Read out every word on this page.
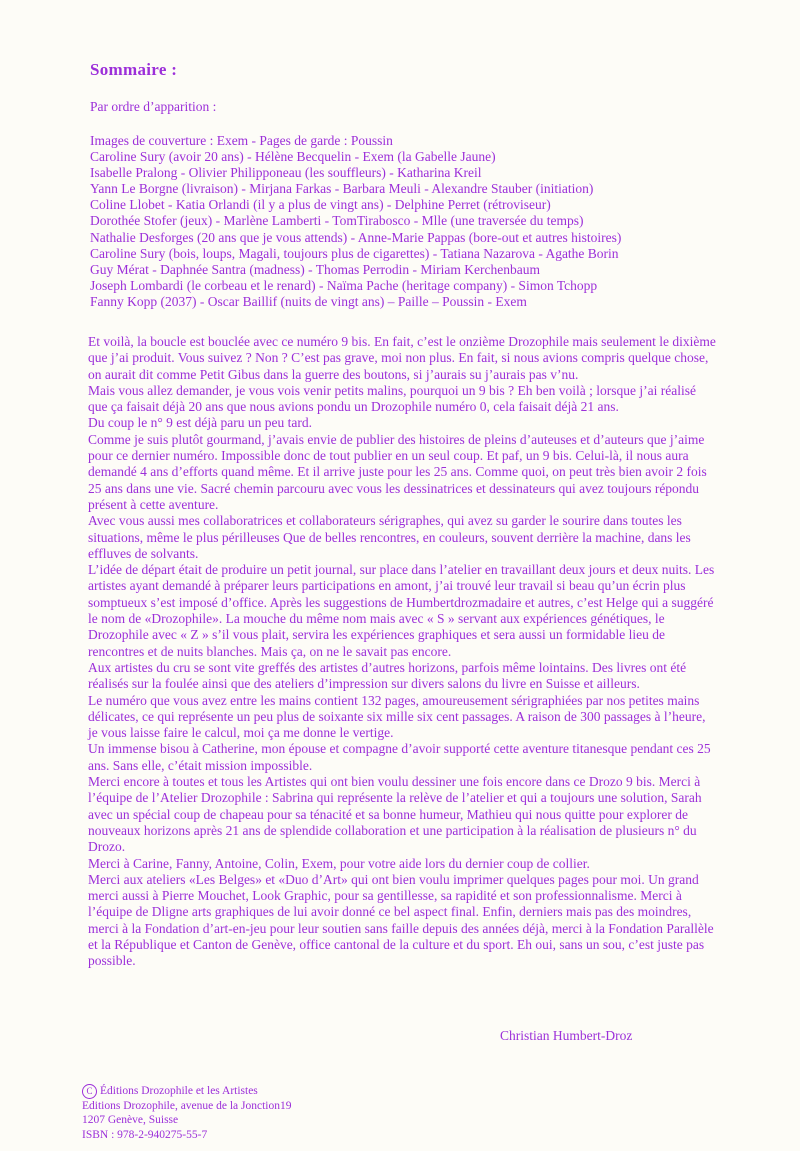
Sommaire :
Par ordre d’apparition :
Images de couverture : Exem - Pages de garde : Poussin
Caroline Sury (avoir 20 ans) - Hélène Becquelin - Exem (la Gabelle Jaune)
Isabelle Pralong - Olivier Philipponeau (les souffleurs) - Katharina Kreil
Yann Le Borgne (livraison) - Mirjana Farkas - Barbara Meuli - Alexandre Stauber (initiation)
Coline Llobet - Katia Orlandi (il y a plus de vingt ans) - Delphine Perret (rétroviseur)
Dorothée Stofer (jeux) - Marlène Lamberti - TomTirabosco - Mlle (une traversée du temps)
Nathalie Desforges (20 ans que je vous attends) - Anne-Marie Pappas (bore-out et autres histoires)
Caroline Sury (bois, loups, Magali, toujours plus de cigarettes) - Tatiana Nazarova - Agathe Borin
Guy Mérat - Daphnée Santra (madness) - Thomas Perrodin - Miriam Kerchenbaum
Joseph Lombardi (le corbeau et le renard) - Naïma Pache (heritage company) - Simon Tchopp
Fanny Kopp (2037) - Oscar Baillif (nuits de vingt ans) – Paille – Poussin - Exem

Et voilà, la boucle est bouclée avec ce numéro 9 bis. En fait, c’est le onzième Drozophile mais seulement le dixième que j’ai produit. Vous suivez ? Non ? C’est pas grave, moi non plus. En fait, si nous avions compris quelque chose, on aurait dit comme Petit Gibus dans la guerre des boutons, si j’aurais su j’aurais pas v’nu.

Mais vous allez demander, je vous vois venir petits malins, pourquoi un 9 bis ? Eh ben voilà ; lorsque j’ai réalisé que ça faisait déjà 20 ans que nous avions pondu un Drozophile numéro 0, cela faisait déjà 21 ans.

Du coup le n° 9 est déjà paru un peu tard.

Comme je suis plutôt gourmand, j’avais envie de publier des histoires de pleins d’auteuses et d’auteurs que j’aime pour ce dernier numéro. Impossible donc de tout publier en un seul coup. Et paf, un 9 bis. Celui-là, il nous aura demandé 4 ans d’efforts quand même. Et il arrive juste pour les 25 ans. Comme quoi, on peut très bien avoir 2 fois 25 ans dans une vie. Sacré chemin parcouru avec vous les dessinatrices et dessinateurs qui avez toujours répondu présent à cette aventure.

Avec vous aussi mes collaboratrices et collaborateurs sérigraphes, qui avez su garder le sourire dans toutes les situations, même le plus périlleuses Que de belles rencontres, en couleurs, souvent derrière la machine, dans les effluves de solvants.

L’idée de départ était de produire un petit journal, sur place dans l’atelier en travaillant deux jours et deux nuits. Les artistes ayant demandé à préparer leurs participations en amont, j’ai trouvé leur travail si beau qu’un écrin plus somptueux s’est imposé d’office. Après les suggestions de Humbertdrozmadaire et autres, c’est Helge qui a suggéré le nom de «Drozophile». La mouche du même nom mais avec « S » servant aux expériences génétiques, le Drozophile avec « Z » s’il vous plait, servira les expériences graphiques et sera aussi un formidable lieu de rencontres et de nuits blanches. Mais ça, on ne le savait pas encore.

Aux artistes du cru se sont vite greffés des artistes d’autres horizons, parfois même lointains. Des livres ont été réalisés sur la foulée ainsi que des ateliers d’impression sur divers salons du livre en Suisse et ailleurs.

Le numéro que vous avez entre les mains contient 132 pages, amoureusement sérigraphiées par nos petites mains délicates, ce qui représente un peu plus de soixante six mille six cent passages. A raison de 300 passages à l’heure, je vous laisse faire le calcul, moi ça me donne le vertige.

Un immense bisou à Catherine, mon épouse et compagne d’avoir supporté cette aventure titanesque pendant ces 25 ans. Sans elle, c’était mission impossible.

Merci encore à toutes et tous les Artistes qui ont bien voulu dessiner une fois encore dans ce Drozo 9 bis. Merci à l’équipe de l’Atelier Drozophile : Sabrina qui représente la relève de l’atelier et qui a toujours une solution, Sarah avec un spécial coup de chapeau pour sa ténacité et sa bonne humeur, Mathieu qui nous quitte pour explorer de nouveaux horizons après 21 ans de splendide collaboration et une participation à la réalisation de plusieurs n° du Drozo.

Merci à Carine, Fanny, Antoine, Colin, Exem, pour votre aide lors du dernier coup de collier.

Merci aux ateliers «Les Belges» et «Duo d’Art» qui ont bien voulu imprimer quelques pages pour moi. Un grand merci aussi à Pierre Mouchet, Look Graphic, pour sa gentillesse, sa rapidité et son professionnalisme. Merci à l’équipe de Dligne arts graphiques de lui avoir donné ce bel aspect final. Enfin, derniers mais pas des moindres, merci à la Fondation d’art-en-jeu pour leur soutien sans faille depuis des années déjà, merci à la Fondation Parallèle et la République et Canton de Genève, office cantonal de la culture et du sport. Eh oui, sans un sou, c’est juste pas possible.

Christian Humbert-Droz
C Éditions Drozophile et les Artistes
Editions Drozophile, avenue de la Jonction19
1207 Genève, Suisse
ISBN : 978-2-940275-55-7
